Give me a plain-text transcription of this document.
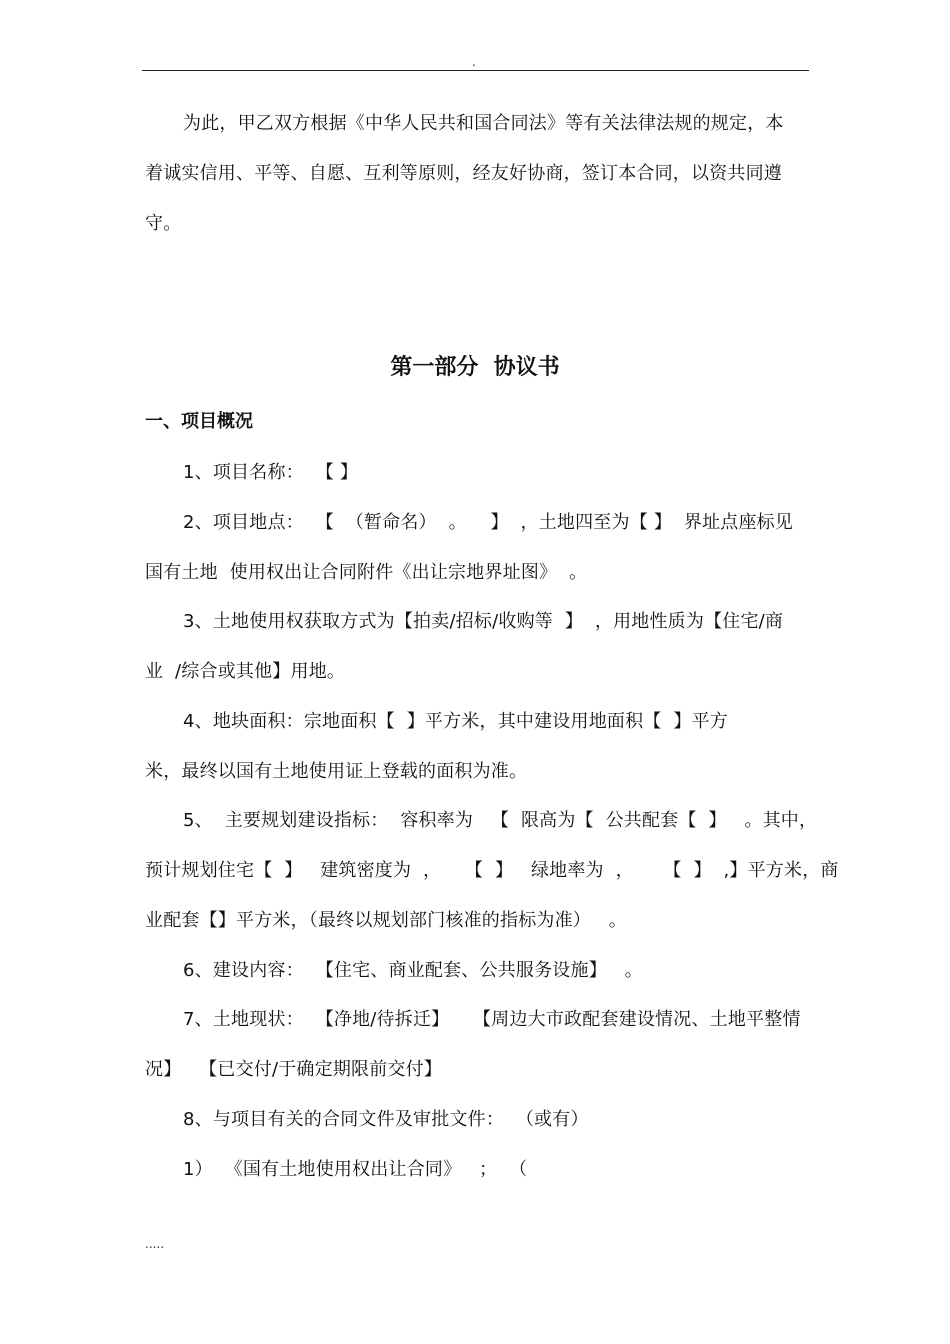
.
为此，甲乙双方根据《中华人民共和国合同法》等有关法律法规的规定，本
着诚实信用、平等、自愿、互利等原则，经友好协商，签订本合同，以资共同遵
守。
第一部分  协议书
一、项目概况
1、项目名称：  【 】
2、项目地点：  【  （暂命名）  。    】  ，土地四至为【 】  界址点座标见
国有土地  使用权出让合同附件《出让宗地界址图》  。
3、土地使用权获取方式为【拍卖/招标/收购等  】  ，用地性质为【住宅/商
业  /综合或其他】用地。
4、地块面积：宗地面积【  】平方米，其中建设用地面积【  】平方
米，最终以国有土地使用证上登载的面积为准。
5、  主要规划建设指标：  容积率为   【  限高为【  公共配套【  】   。其中，
预计规划住宅【  】   建筑密度为  ，    【  】   绿地率为  ，     【  】  ,】平方米，商
业配套【】平方米，（最终以规划部门核准的指标为准）   。
6、建设内容：  【住宅、商业配套、公共服务设施】   。
7、土地现状：  【净地/待拆迁】    【周边大市政配套建设情况、土地平整情
况】   【已交付/于确定期限前交付】
8、与项目有关的合同文件及审批文件：  （或有）
1）  《国有土地使用权出让合同》   ；  （
.....
